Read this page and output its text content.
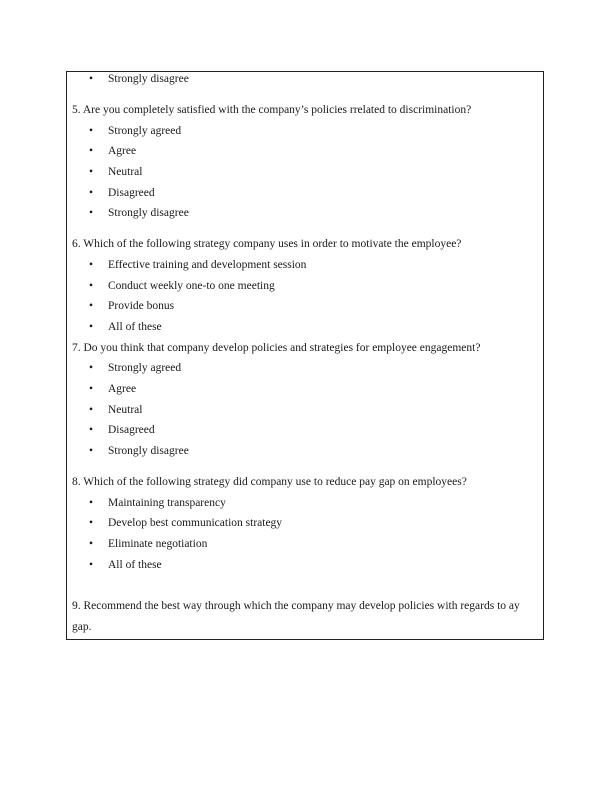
• Strongly disagree
5. Are you completely satisfied with the company’s policies rrelated to discrimination?
• Strongly agreed
• Agree
• Neutral
• Disagreed
• Strongly disagree
6. Which of the following strategy company uses in order to motivate the employee?
• Effective training and development session
• Conduct weekly one-to one meeting
• Provide bonus
• All of these
7. Do you think that company develop policies and strategies for employee engagement?
• Strongly agreed
• Agree
• Neutral
• Disagreed
• Strongly disagree
8. Which of the following strategy did company use to reduce pay gap on employees?
• Maintaining transparency
• Develop best communication strategy
• Eliminate negotiation
• All of these
9. Recommend the best way through which the company may develop policies with regards to ay
gap.
